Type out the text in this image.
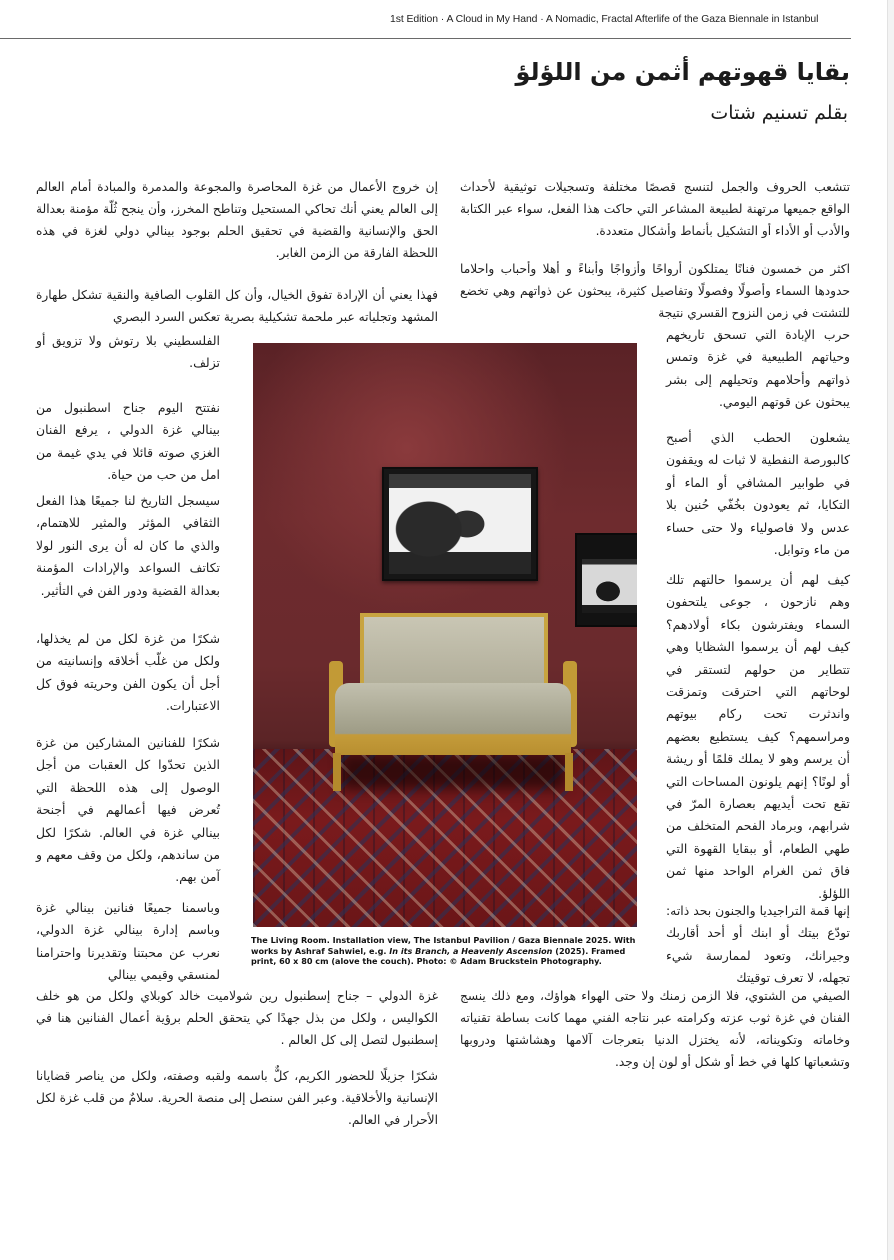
1st Edition · A Cloud in My Hand · A Nomadic, Fractal Afterlife of the Gaza Biennale in Istanbul
بقايا قهوتهم أثمن من اللؤلؤ
بقلم تسنيم شتات

تتشعب الحروف والجمل لتنسج قصصًا مختلفة وتسجيلات توثيقية لأحداث الواقع جميعها مرتهنة لطبيعة المشاعر التي حاكت هذا الفعل، سواء عبر الكتابة والأدب أو الأداء أو التشكيل بأنماط وأشكال متعددة.

اكثر من خمسون فنانًا يمتلكون أرواحًا وأزواجًا وأبناءً و أهلا وأحباب واحلاما حدودها السماء وأصولًا وفصولًا وتفاصيل كثيرة، يبحثون عن ذواتهم وهي تخضع للتشتت في زمن النزوح القسري نتيجة

حرب الإبادة التي تسحق تاريخهم وحياتهم الطبيعية في غزة وتمس ذواتهم وأحلامهم وتحيلهم إلى بشر يبحثون عن قوتهم اليومي.

يشعلون الحطب الذي أصبح كالبورصة النفطية لا ثبات له ويقفون في طوابير المشافي أو الماء أو التكايا، ثم يعودون بخُفّي حُنين بلا عدس ولا فاصولياء ولا حتى حساء من ماء وتوابل.

كيف لهم أن يرسموا حالتهم تلك وهم نازحون ، جوعى يلتحفون السماء ويفترشون بكاء أولادهم؟ كيف لهم أن يرسموا الشظايا وهي تتطاير من حولهم لتستقر في لوحاتهم التي احترقت وتمزقت واندثرت تحت ركام بيوتهم ومراسمهم؟ كيف يستطيع بعضهم أن يرسم وهو لا يملك قلمًا أو ريشة أو لونًا؟ إنهم يلونون المساحات التي تقع تحت أيديهم بعصارة المرّ في شرابهم، وبرماد الفحم المتخلف من طهي الطعام، أو ببقايا القهوة التي فاق ثمن الغرام الواحد منها ثمن اللؤلؤ.

إنها قمة التراجيديا والجنون بحد ذاته: تودّع بيتك أو ابنك أو أحد أقاربك وجيرانك، وتعود لممارسة شيء تجهله، لا تعرف توقيتك

الصيفي من الشتوي، فلا الزمن زمنك ولا حتى الهواء هواؤك، ومع ذلك ينسج الفنان في غزة ثوب عزته وكرامته عبر نتاجه الفني مهما كانت بساطة تقنياته وخاماته وتكويناته، لأنه يختزل الدنيا بتعرجات آلامها وهشاشتها ودروبها وتشعباتها كلها في خط أو شكل أو لون إن وجد.

إن خروج الأعمال من غزة المحاصرة والمجوعة والمدمرة والمبادة أمام العالم إلى العالم يعني أنك تحاكي المستحيل وتناطح المخرز، وأن ينجح ثُلّة مؤمنة بعدالة الحق والإنسانية والقضية في تحقيق الحلم بوجود بينالي دولي لغزة في هذه اللحظة الفارقة من الزمن الغابر.

فهذا يعني أن الإرادة تفوق الخيال، وأن كل القلوب الصافية والنقية تشكل طهارة المشهد وتجلياته عبر ملحمة تشكيلية بصرية تعكس السرد البصري

الفلسطيني بلا رتوش ولا تزويق أو تزلف.

نفتتح اليوم جناح اسطنبول من بينالي غزة الدولي ، يرفع الفنان الغزي صوته قائلا في يدي غيمة من امل من حب من حياة.

سيسجل التاريخ لنا جميعًا هذا الفعل الثقافي المؤثر والمثير للاهتمام، والذي ما كان له أن يرى النور لولا تكاتف السواعد والإرادات المؤمنة بعدالة القضية ودور الفن في التأثير.

شكرًا من غزة لكل من لم يخذلها، ولكل من غلّب أخلاقه وإنسانيته من أجل أن يكون الفن وحريته فوق كل الاعتبارات.

شكرًا للفنانين المشاركين من غزة الذين تحدّوا كل العقبات من أجل الوصول إلى هذه اللحظة التي تُعرض فيها أعمالهم في أجنحة بينالي غزة في العالم. شكرًا لكل من ساندهم، ولكل من وقف معهم و آمن بهم.

وباسمنا جميعًا فنانين بينالي غزة وباسم إدارة بينالي غزة الدولي، نعرب عن محبتنا وتقديرنا واحترامنا لمنسقي وقيمي بينالي

غزة الدولي – جناح إسطنبول رين شولاميت خالد كوبلاي ولكل من هو خلف الكواليس ، ولكل من بذل جهدًا كي يتحقق الحلم برؤية أعمال الفنانين هنا في إسطنبول لتصل إلى كل العالم .

شكرًا جزيلًا للحضور الكريم، كلٌّ باسمه ولقبه وصفته، ولكل من يناصر قضايانا الإنسانية والأخلاقية. وعبر الفن سنصل إلى منصة الحرية. سلامٌ من قلب غزة لكل الأحرار في العالم.

The Living Room. Installation view, The Istanbul Pavilion / Gaza Biennale 2025. With works by Ashraf Sahwiel, e.g. In its Branch, a Heavenly Ascension (2025). Framed print, 60 x 80 cm (alove the couch). Photo: © Adam Bruckstein Photography.
